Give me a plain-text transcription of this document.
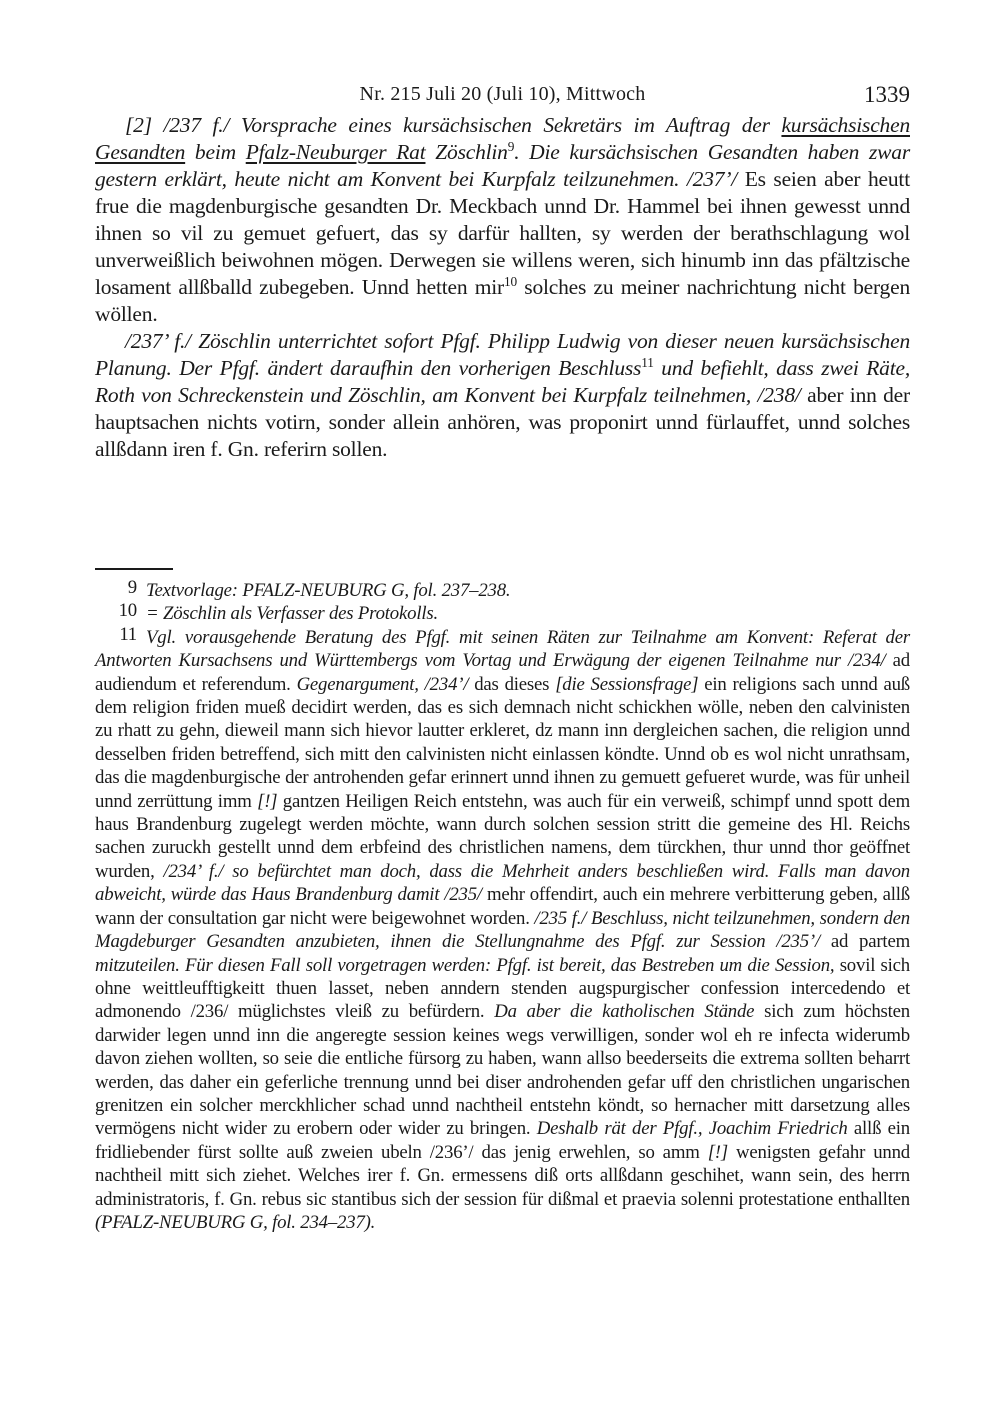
Nr. 215 Juli 20 (Juli 10), Mittwoch	1339

[2] /237 f./ Vorsprache eines kursächsischen Sekretärs im Auftrag der kursächsischen Gesandten beim Pfalz-Neuburger Rat Zöschlin$^9$. Die kursächsischen Gesandten haben zwar gestern erklärt, heute nicht am Konvent bei Kurpfalz teilzunehmen. /237’/ Es seien aber heutt frue die magdenburgische gesandten Dr. Meckbach unnd Dr. Hammel bei ihnen gewesst unnd ihnen so vil zu gemuet gefuert, das sy darfür hallten, sy werden der berathschlagung wol unverweißlich beiwohnen mögen. Derwegen sie willens weren, sich hinumb inn das pfältzische losament allßballd zubegeben. Unnd hetten mir$^{10}$ solches zu meiner nachrichtung nicht bergen wöllen.

/237’ f./ Zöschlin unterrichtet sofort Pfgf. Philipp Ludwig von dieser neuen kursächsischen Planung. Der Pfgf. ändert daraufhin den vorherigen Beschluss$^{11}$ und befiehlt, dass zwei Räte, Roth von Schreckenstein und Zöschlin, am Konvent bei Kurpfalz teilnehmen, /238/ aber inn der hauptsachen nichts votirn, sonder allein anhören, was proponirt unnd fürlauffet, unnd solches allßdann iren f. Gn. referirn sollen.

9 Textvorlage: PFALZ-NEUBURG G, fol. 237–238.

10 = Zöschlin als Verfasser des Protokolls.

11 Vgl. vorausgehende Beratung des Pfgf. mit seinen Räten zur Teilnahme am Konvent: Referat der Antworten Kursachsens und Württembergs vom Vortag und Erwägung der eigenen Teilnahme nur /234/ ad audiendum et referendum. Gegenargument, /234’/ das dieses [die Sessionsfrage] ein religions sach unnd auß dem religion friden mueß decidirt werden, das es sich demnach nicht schickhen wölle, neben den calvinisten zu rhatt zu gehn, dieweil mann sich hievor lautter erkleret, dz mann inn dergleichen sachen, die religion unnd desselben friden betreffend, sich mitt den calvinisten nicht einlassen köndte. Unnd ob es wol nicht unrathsam, das die magdenburgische der antrohenden gefar erinnert unnd ihnen zu gemuett gefueret wurde, was für unheil unnd zerrüttung imm [!] gantzen Heiligen Reich entstehn, was auch für ein verweiß, schimpf unnd spott dem haus Brandenburg zugelegt werden möchte, wann durch solchen session stritt die gemeine des Hl. Reichs sachen zuruckh gestellt unnd dem erbfeind des christlichen namens, dem türckhen, thur unnd thor geöffnet wurden, /234’ f./ so befürchtet man doch, dass die Mehrheit anders beschließen wird. Falls man davon abweicht, würde das Haus Brandenburg damit /235/ mehr offendirt, auch ein mehrere verbitterung geben, allß wann der consultation gar nicht were beigewohnet worden. /235 f./ Beschluss, nicht teilzunehmen, sondern den Magdeburger Gesandten anzubieten, ihnen die Stellungnahme des Pfgf. zur Session /235’/ ad partem mitzuteilen. Für diesen Fall soll vorgetragen werden: Pfgf. ist bereit, das Bestreben um die Session, sovil sich ohne weittleufftigkeitt thuen lasset, neben anndern stenden augspurgischer confession intercedendo et admonendo /236/ müglichstes vleiß zu befürdern. Da aber die katholischen Stände sich zum höchsten darwider legen unnd inn die angeregte session keines wegs verwilligen, sonder wol eh re infecta widerumb davon ziehen wollten, so seie die entliche fürsorg zu haben, wann allso beederseits die extrema sollten beharrt werden, das daher ein geferliche trennung unnd bei diser androhenden gefar uff den christlichen ungarischen grenitzen ein solcher merckhlicher schad unnd nachtheil entstehn köndt, so hernacher mitt darsetzung alles vermögens nicht wider zu erobern oder wider zu bringen. Deshalb rät der Pfgf., Joachim Friedrich allß ein fridliebender fürst sollte auß zweien ubeln /236’/ das jenig erwehlen, so amm [!] wenigsten gefahr unnd nachtheil mitt sich ziehet. Welches irer f. Gn. ermessens diß orts allßdann geschihet, wann sein, des herrn administratoris, f. Gn. rebus sic stantibus sich der session für dißmal et praevia solenni protestatione enthallten (PFALZ-NEUBURG G, fol. 234–237).
